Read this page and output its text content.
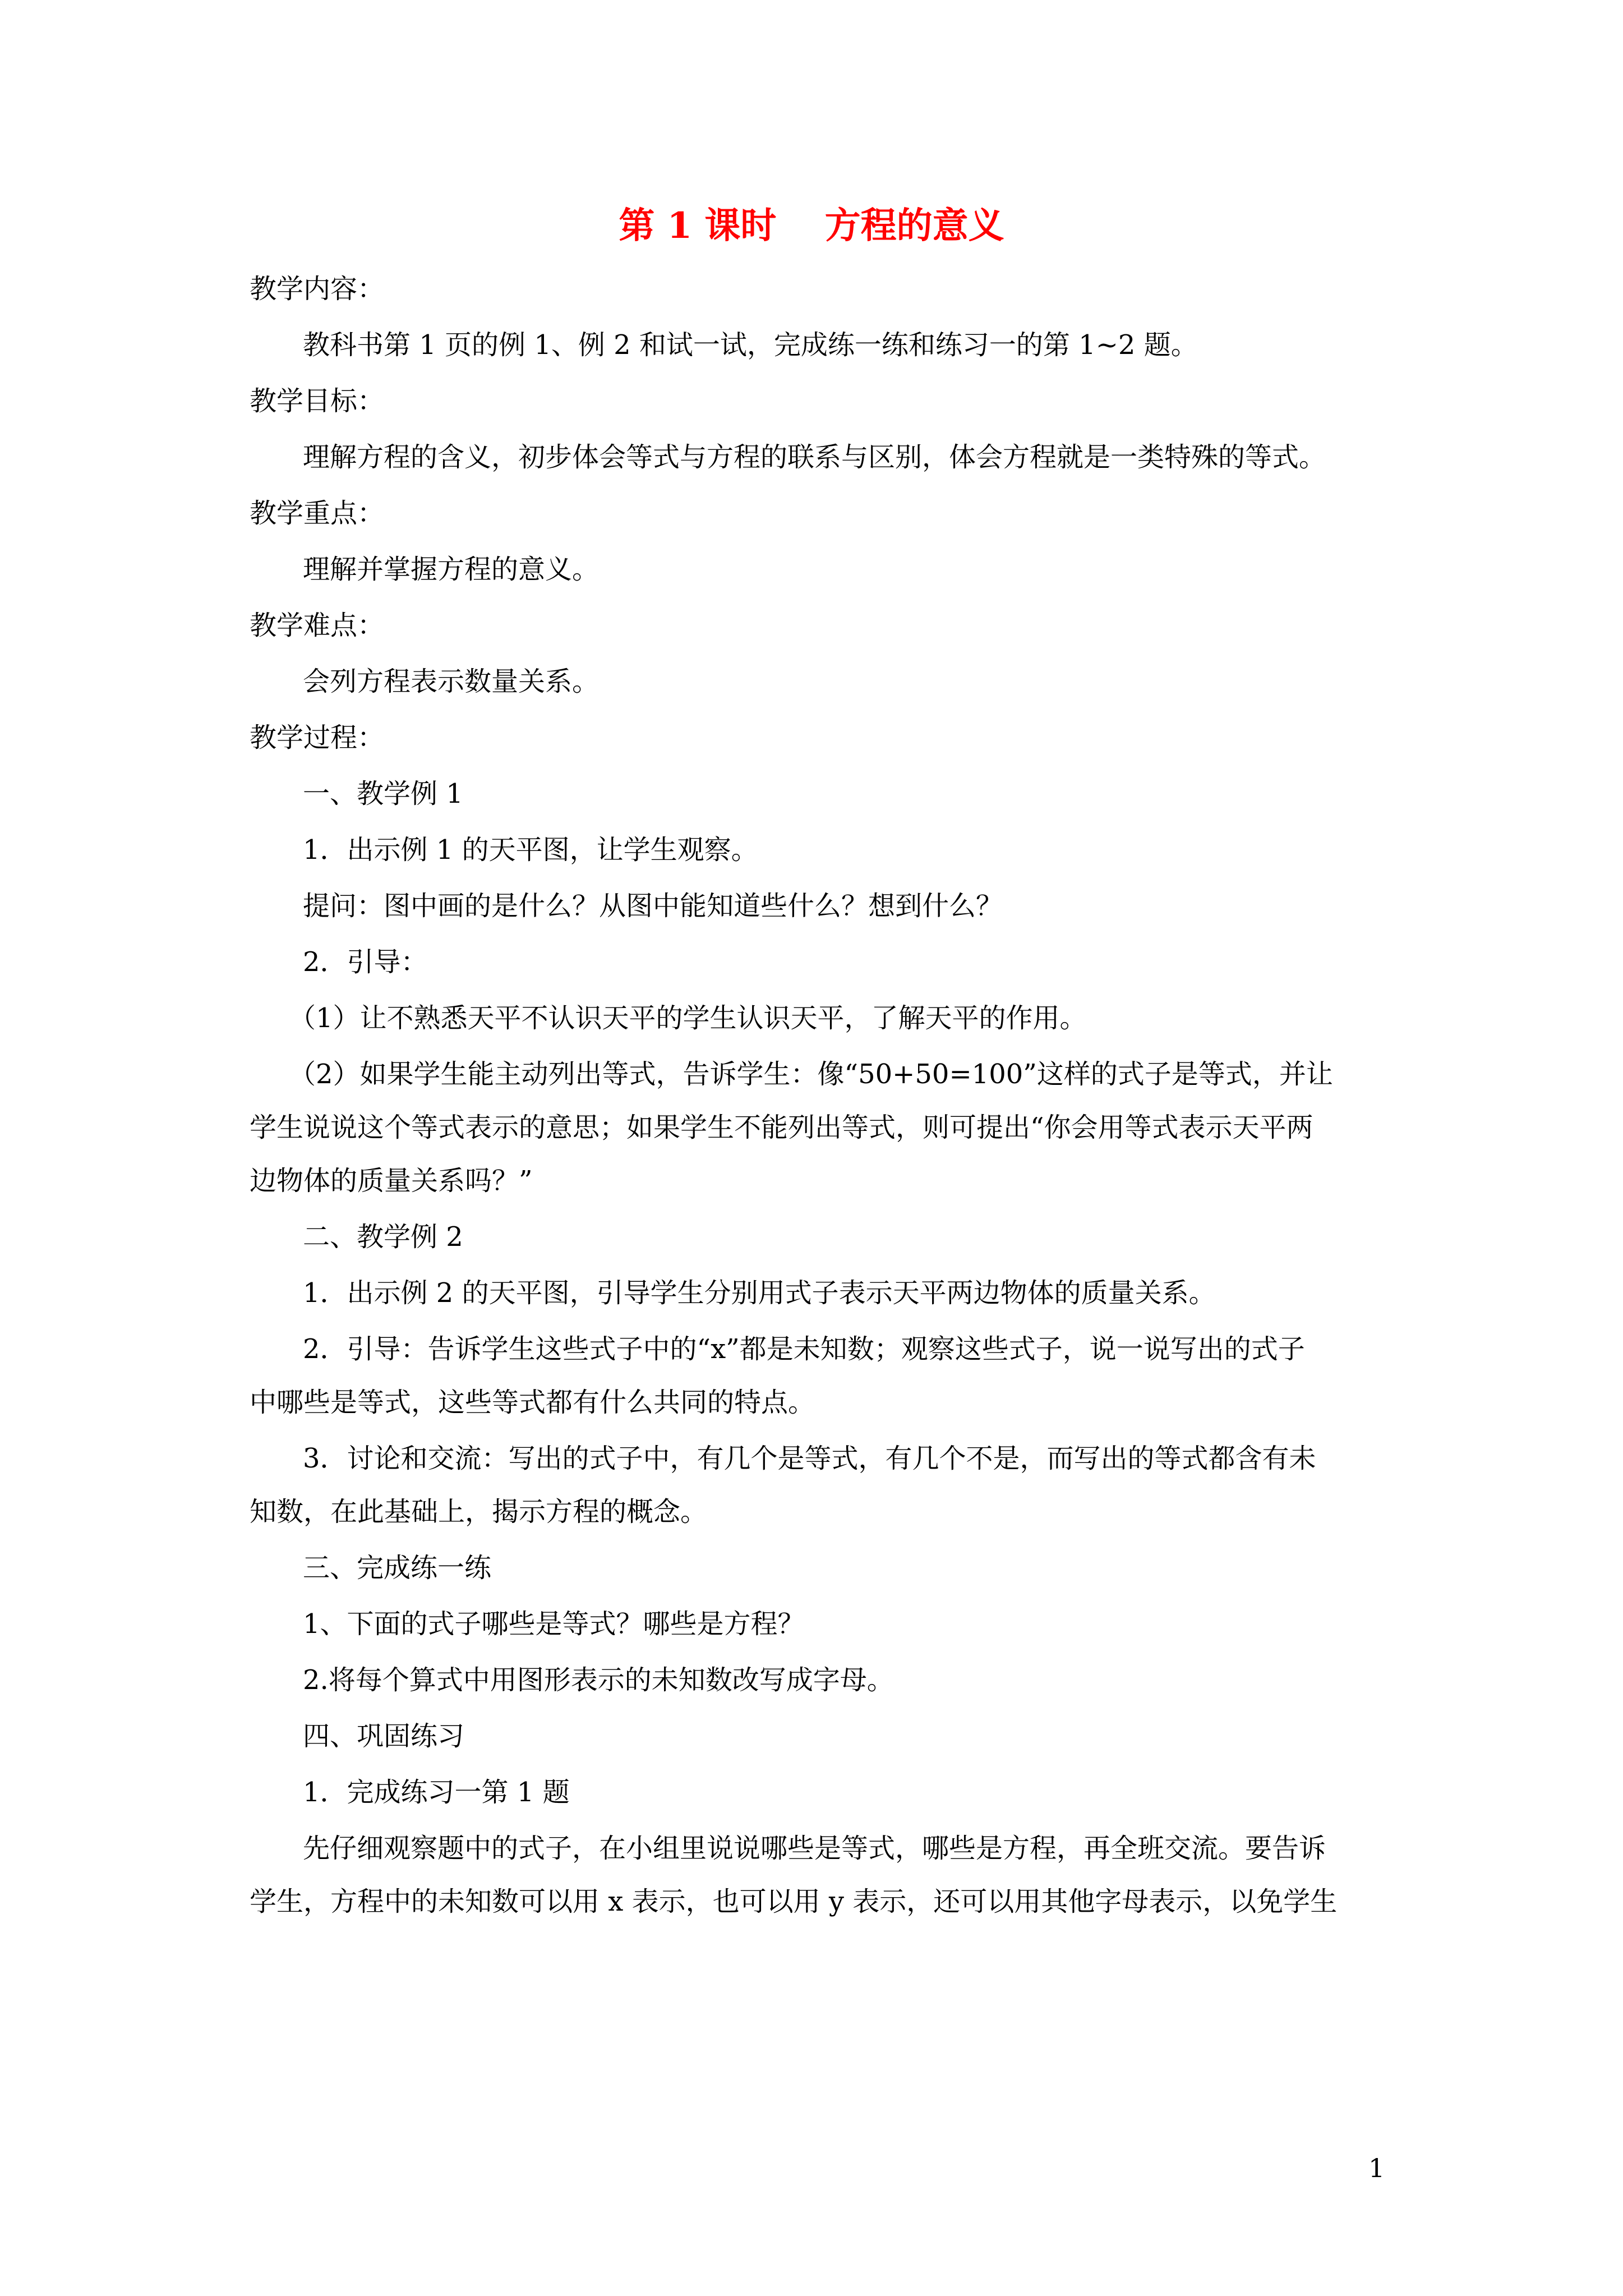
第 1 课时　 方程的意义
教学内容：
教科书第 1 页的例 1、例 2 和试一试，完成练一练和练习一的第 1~2 题。
教学目标：
理解方程的含义，初步体会等式与方程的联系与区别，体会方程就是一类特殊的等式。
教学重点：
理解并掌握方程的意义。
教学难点：
会列方程表示数量关系。
教学过程：
一、教学例 1
1．出示例 1 的天平图，让学生观察。
提问：图中画的是什么？从图中能知道些什么？想到什么？
2．引导：
（1）让不熟悉天平不认识天平的学生认识天平，了解天平的作用。
（2）如果学生能主动列出等式，告诉学生：像“50+50=100”这样的式子是等式，并让
学生说说这个等式表示的意思；如果学生不能列出等式，则可提出“你会用等式表示天平两
边物体的质量关系吗？”
二、教学例 2
1．出示例 2 的天平图，引导学生分别用式子表示天平两边物体的质量关系。
2．引导：告诉学生这些式子中的“x”都是未知数；观察这些式子，说一说写出的式子
中哪些是等式，这些等式都有什么共同的特点。
3．讨论和交流：写出的式子中，有几个是等式，有几个不是，而写出的等式都含有未
知数，在此基础上，揭示方程的概念。
三、完成练一练
1、下面的式子哪些是等式？哪些是方程？
2.将每个算式中用图形表示的未知数改写成字母。
四、巩固练习
1．完成练习一第 1 题
先仔细观察题中的式子，在小组里说说哪些是等式，哪些是方程，再全班交流。要告诉
学生，方程中的未知数可以用 x 表示，也可以用 y 表示，还可以用其他字母表示，以免学生
1
